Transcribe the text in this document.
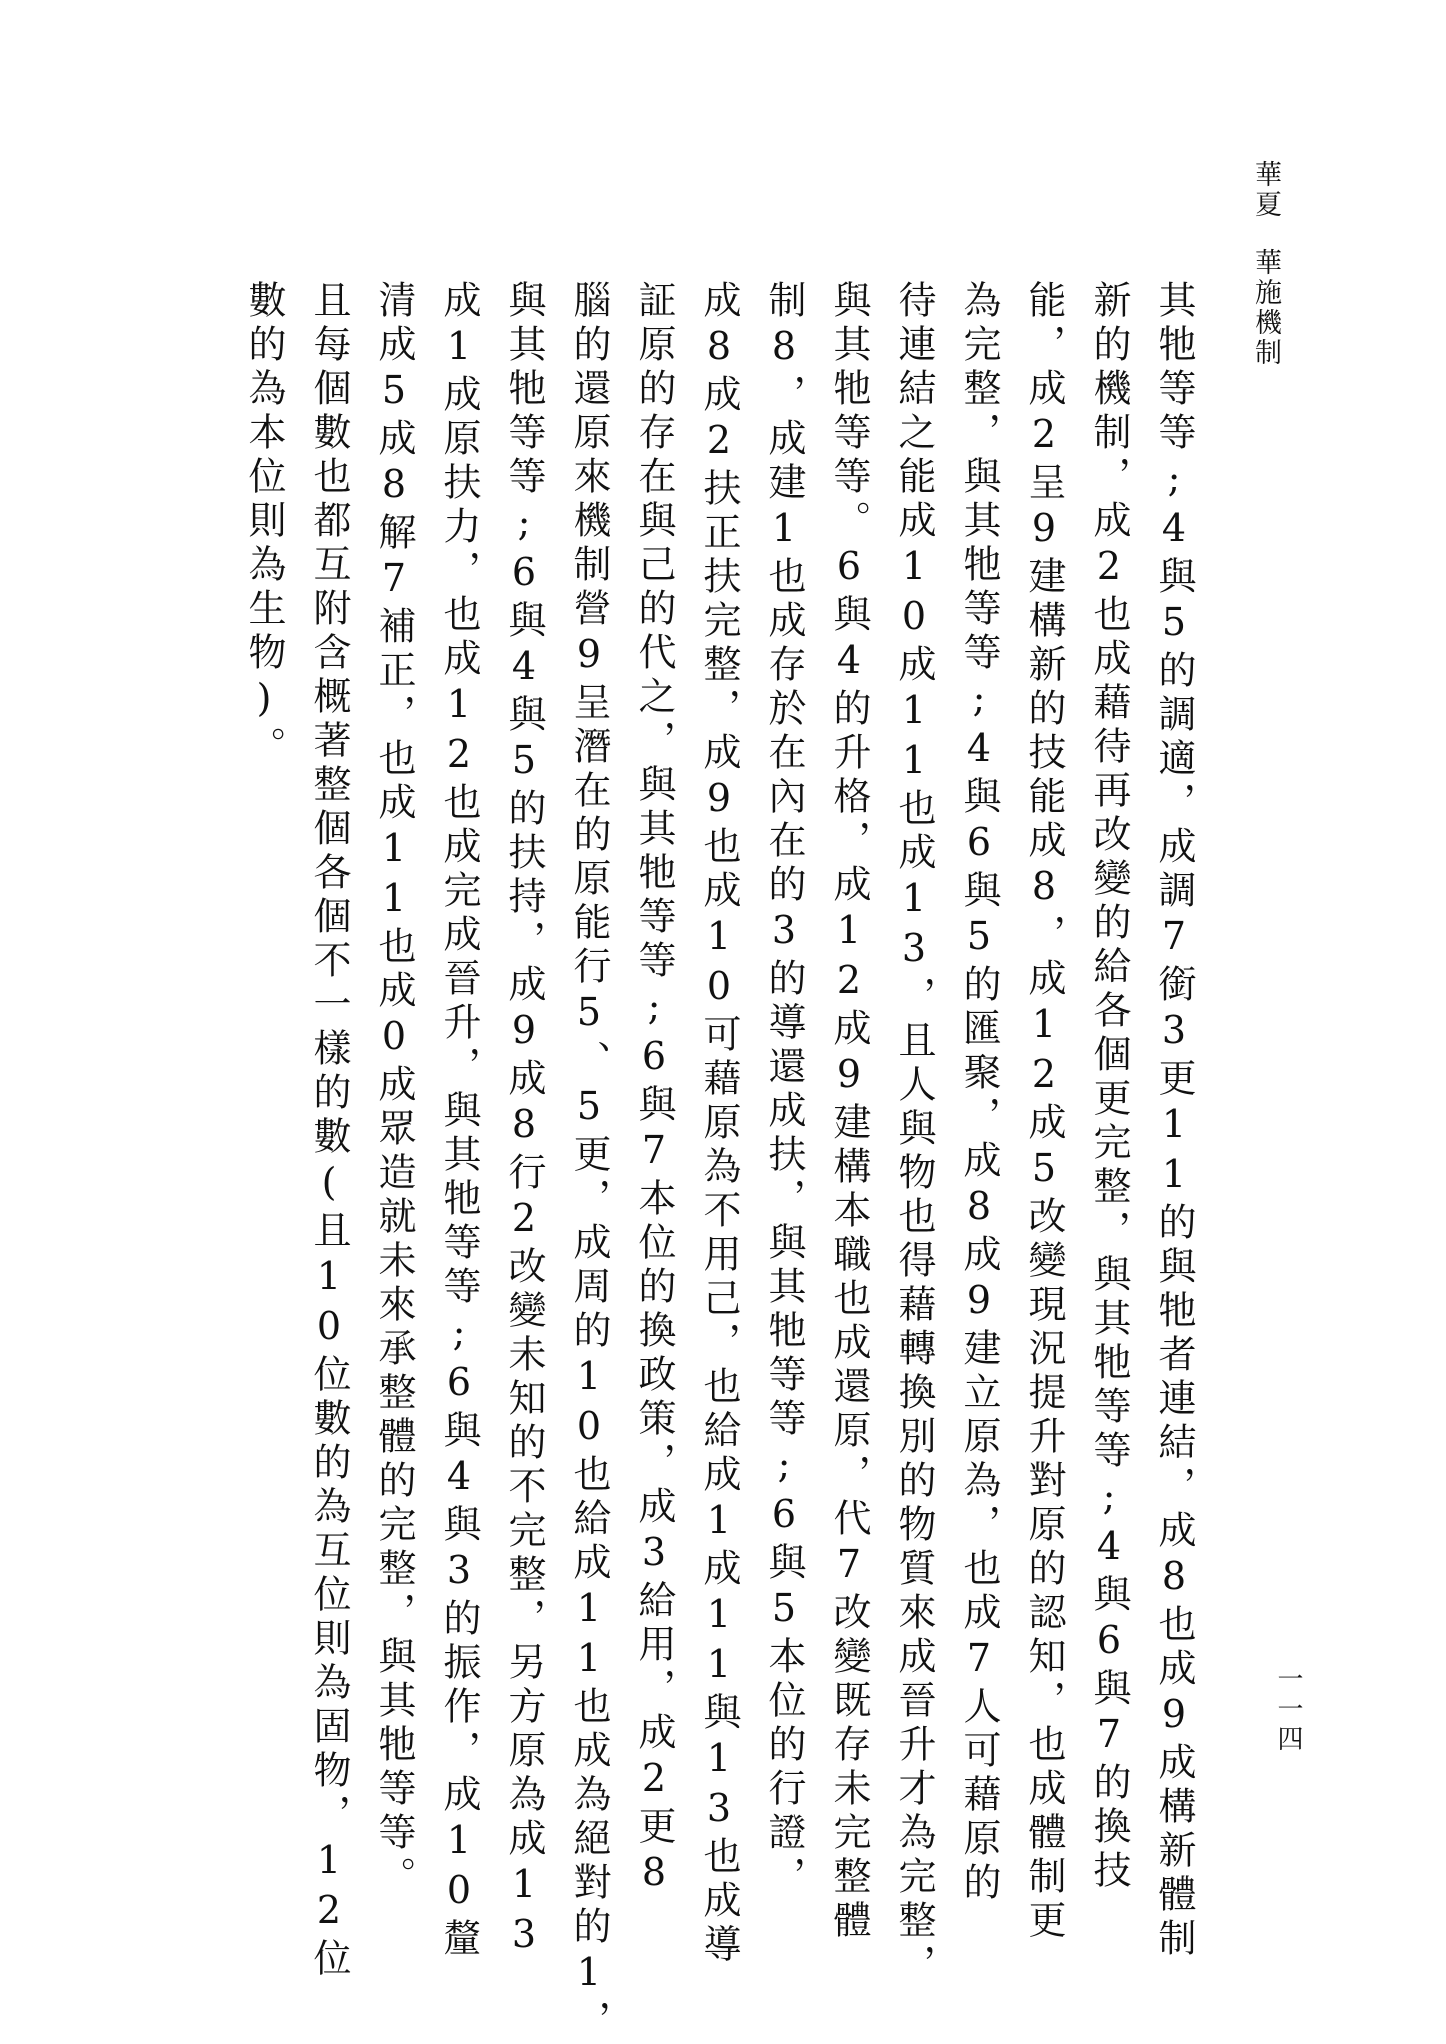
華夏華施機制
一一四
其牠等等;4與5的調適，成調7銜3更11的與牠者連結，成8也成9成構新體制
新的機制，成2也成藉待再改變的給各個更完整，與其牠等等;4與6與7的換技
能，成2呈9建構新的技能成8，成12成5改變現況提升對原的認知，也成體制更
為完整，與其牠等等;4與6與5的匯聚，成8成9建立原為，也成7人可藉原的
待連結之能成10成11也成13，且人與物也得藉轉換別的物質來成晉升才為完整，
與其牠等等。6與4的升格，成12成9建構本職也成還原，代7改變既存未完整體
制8，成建1也成存於在內在的3的導還成扶，與其牠等等;6與5本位的行證，
成8成2扶正扶完整，成9也成10可藉原為不用己，也給成1成11與13也成導
証原的存在與己的代之，與其牠等等;6與7本位的換政策，成3給用，成2更8
腦的還原來機制營9呈潛在的原能行5、5更，成周的10也給成11也成為絕對的1，
與其牠等等;6與4與5的扶持，成9成8行2改變未知的不完整，另方原為成13
成1成原扶力，也成12也成完成晉升，與其牠等等;6與4與3的振作，成10釐
清成5成8解7補正，也成11也成0成眾造就未來承整體的完整，與其牠等等。
且每個數也都互附含概著整個各個不一樣的數(且10位數的為互位則為固物，12位
數的為本位則為生物)。
